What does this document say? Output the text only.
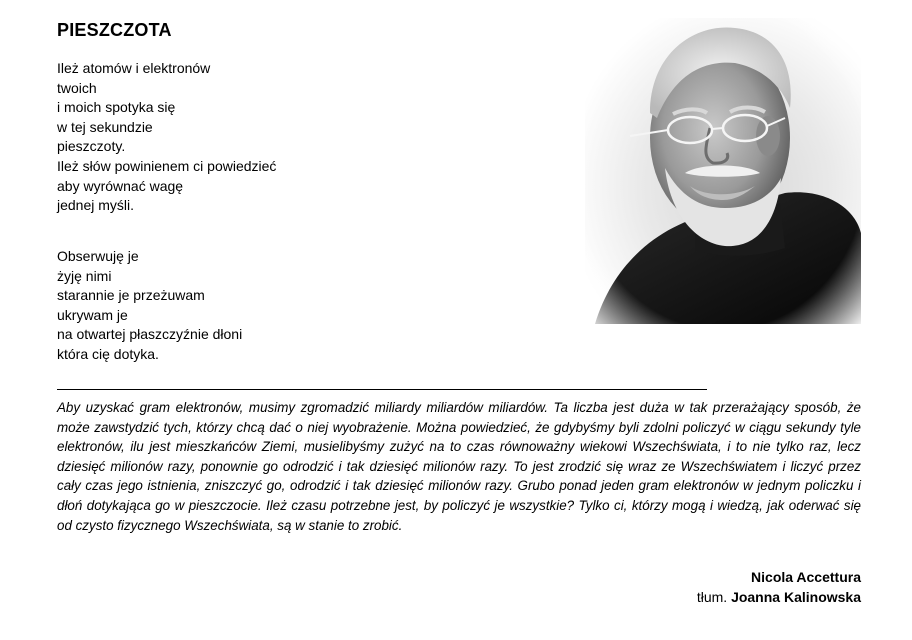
PIESZCZOTA

Ileż atomów i elektronów
twoich
i moich spotyka się
w tej sekundzie
pieszczoty.
Ileż słów powinienem ci powiedzieć
aby wyrównać wagę
jednej myśli.

Obserwuję je
żyję nimi
starannie je przeżuwam
ukrywam je
na otwartej płaszczyźnie dłoni
która cię dotyka.

Aby uzyskać gram elektronów, musimy zgromadzić miliardy miliardów miliardów. Ta liczba jest duża w tak przerażający sposób, że może zawstydzić tych, którzy chcą dać o niej wyobrażenie. Można powiedzieć, że gdybyśmy byli zdolni policzyć w ciągu sekundy tyle elektronów, ilu jest mieszkańców Ziemi, musielibyśmy zużyć na to czas równoważny wiekowi Wszechświata, i to nie tylko raz, lecz dziesięć milionów razy, ponownie go odrodzić i tak dziesięć milionów razy. To jest zrodzić się wraz ze Wszechświatem i liczyć przez cały czas jego istnienia, zniszczyć go, odrodzić i tak dziesięć milionów razy. Grubo ponad jeden gram elektronów w jednym policzku i dłoń dotykająca go w pieszczocie. Ileż czasu potrzebne jest, by policzyć je wszystkie? Tylko ci, którzy mogą i wiedzą, jak oderwać się od czysto fizycznego Wszechświata, są w stanie to zrobić.

Nicola Accettura
tłum. Joanna Kalinowska
